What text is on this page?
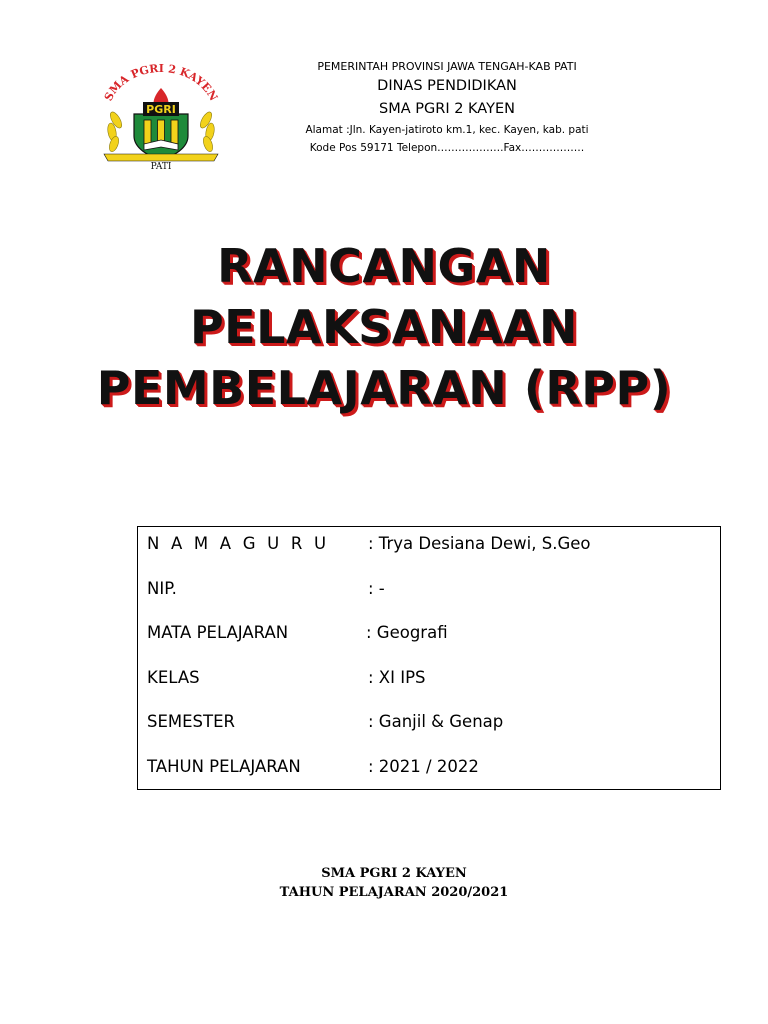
SMA PGRI 2 KAYEN
PGRI
PATI
PEMERINTAH PROVINSI JAWA TENGAH-KAB PATI
DINAS PENDIDIKAN
SMA PGRI 2 KAYEN
Alamat :Jln. Kayen-jatiroto km.1, kec. Kayen, kab. pati
Kode Pos 59171 Telepon……………….Fax………………
RANCANGAN
PELAKSANAAN
PEMBELAJARAN (RPP)
N A M A G U R U : Trya Desiana Dewi, S.Geo
NIP.	: -
MATA PELAJARAN	: Geografi
KELAS	: XI IPS
SEMESTER	: Ganjil & Genap
TAHUN PELAJARAN	: 2021 / 2022
SMA PGRI 2 KAYEN
TAHUN PELAJARAN 2020/2021
